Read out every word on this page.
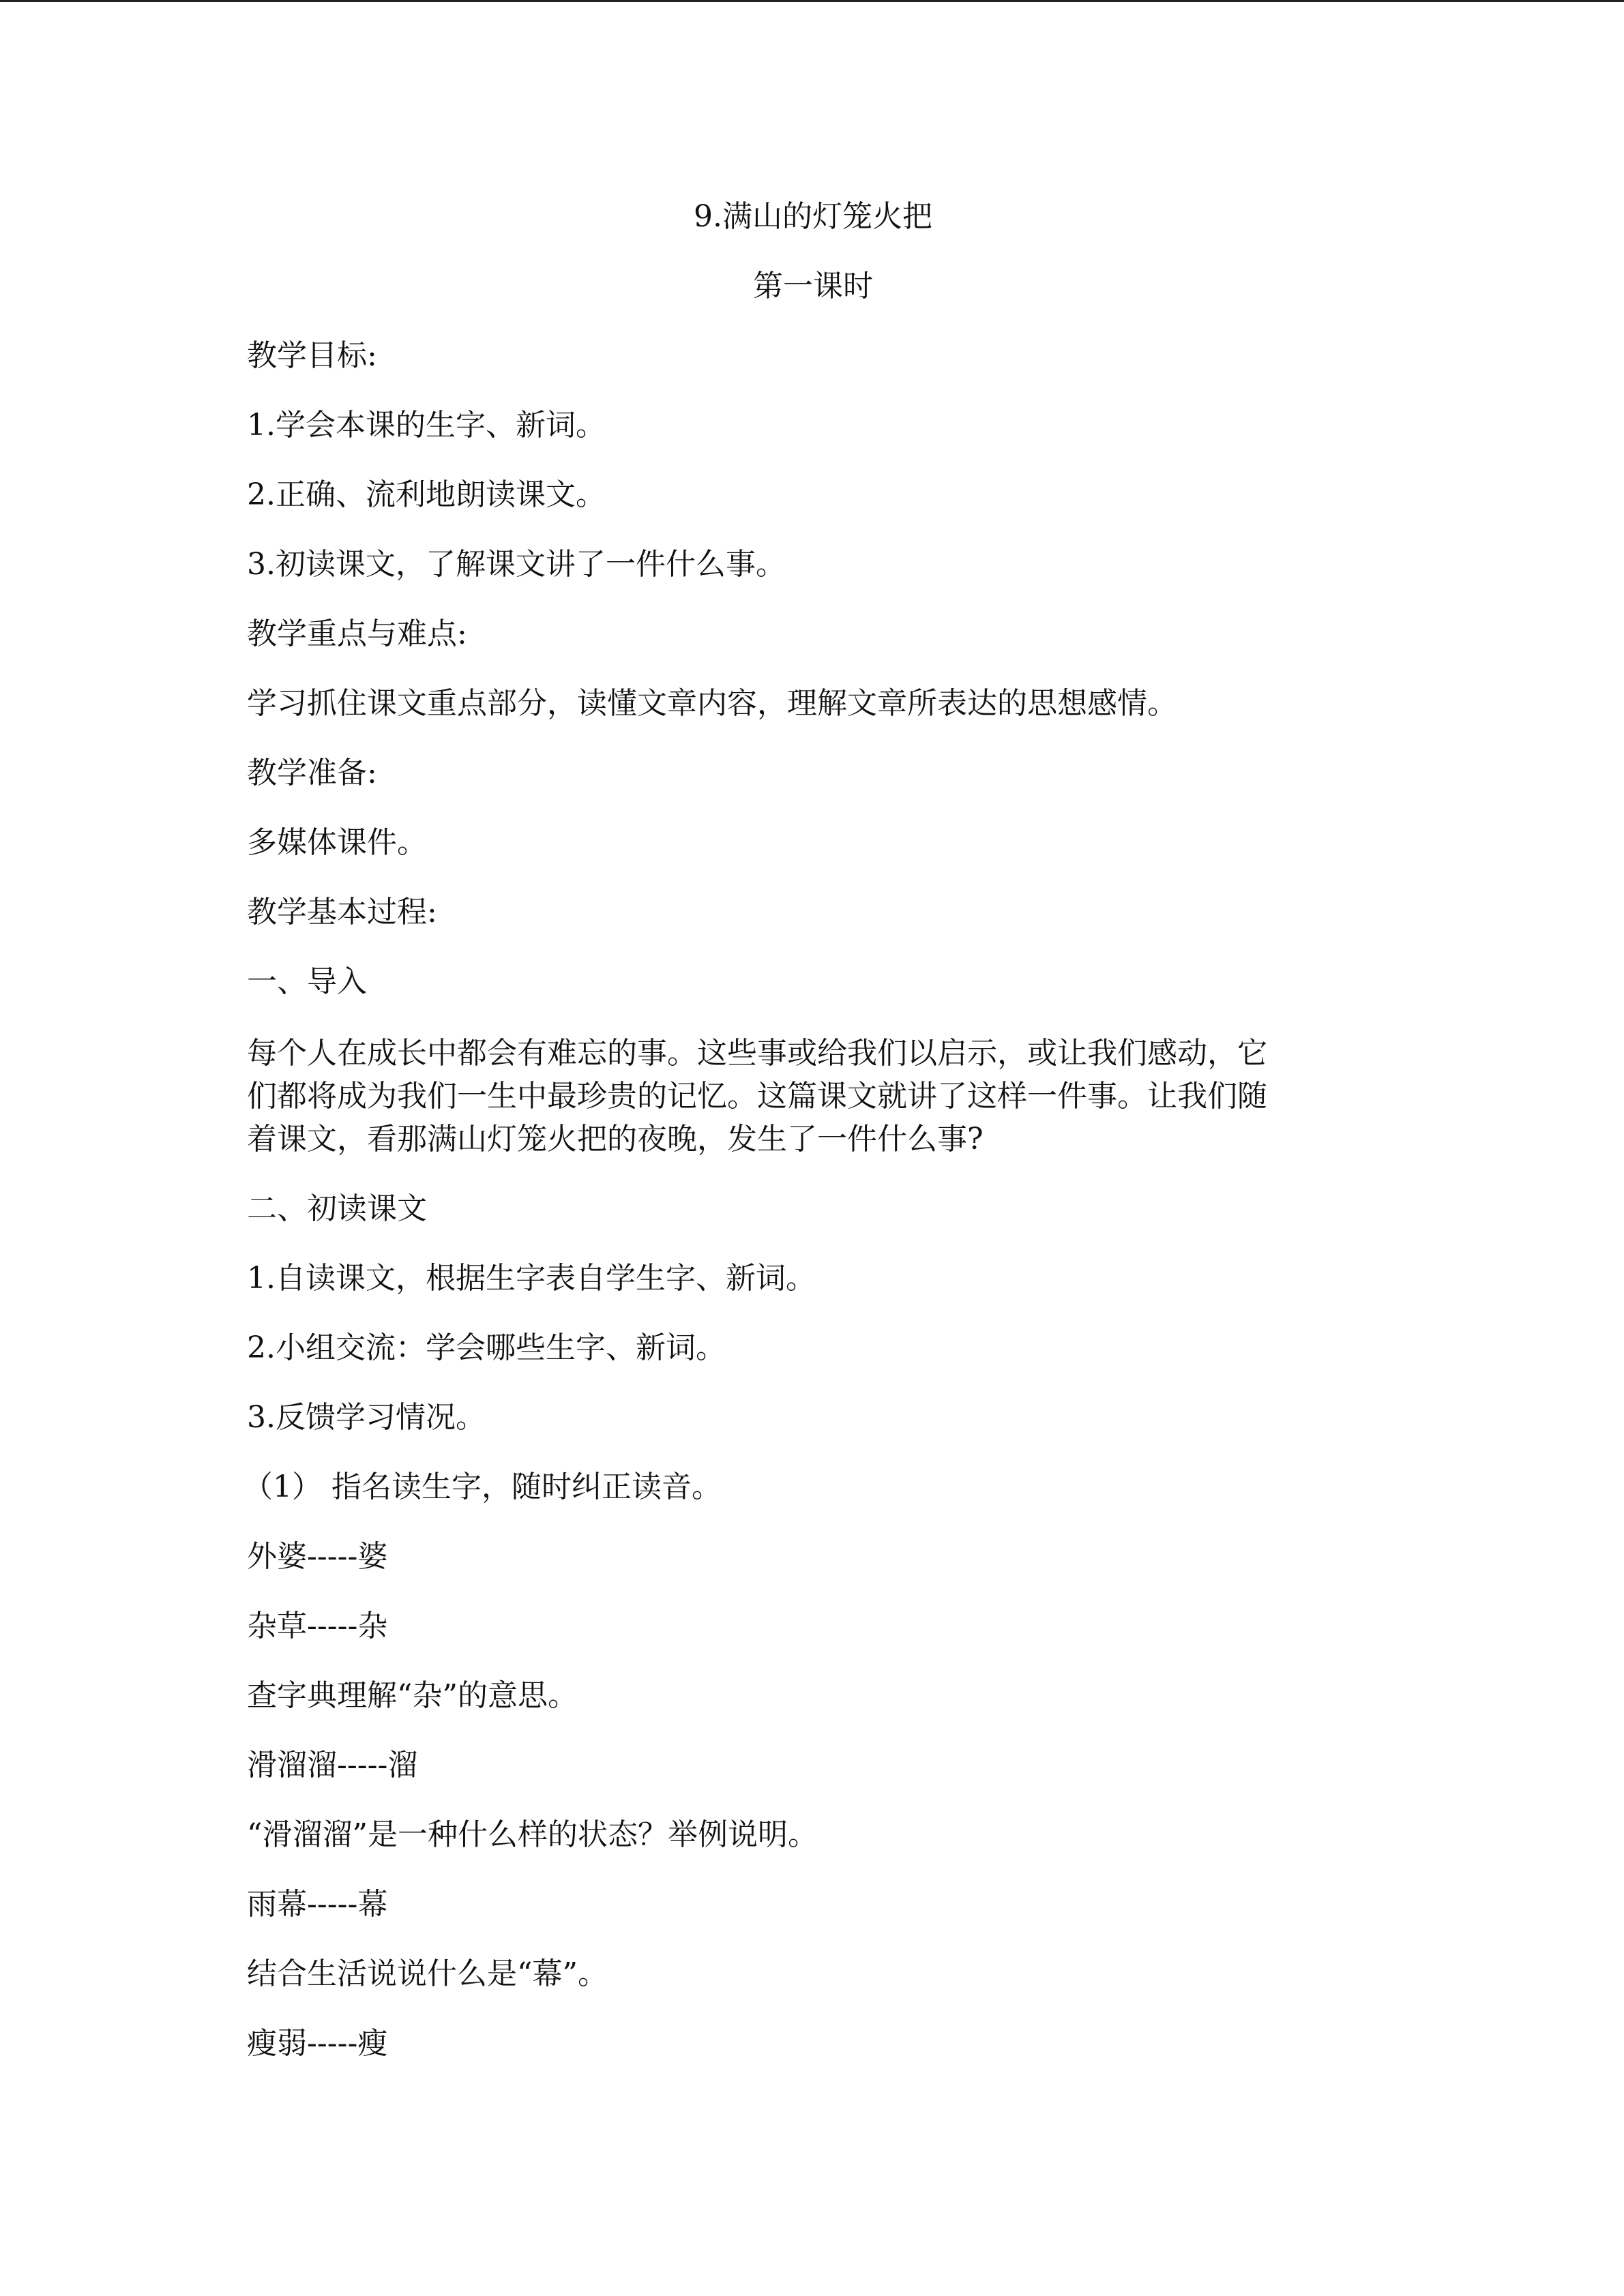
9.满山的灯笼火把
第一课时
教学目标:
1.学会本课的生字、新词。
2.正确、流利地朗读课文。
3.初读课文，了解课文讲了一件什么事。
教学重点与难点:
学习抓住课文重点部分，读懂文章内容，理解文章所表达的思想感情。
教学准备:
多媒体课件。
教学基本过程:
一、导入
每个人在成长中都会有难忘的事。这些事或给我们以启示，或让我们感动，它
们都将成为我们一生中最珍贵的记忆。这篇课文就讲了这样一件事。让我们随
着课文，看那满山灯笼火把的夜晚，发生了一件什么事?
二、初读课文
1.自读课文，根据生字表自学生字、新词。
2.小组交流：学会哪些生字、新词。
3.反馈学习情况。
（1） 指名读生字，随时纠正读音。
外婆-----婆
杂草-----杂
查字典理解“杂”的意思。
滑溜溜-----溜
“滑溜溜”是一种什么样的状态？举例说明。
雨幕-----幕
结合生活说说什么是“幕”。
瘦弱-----瘦
